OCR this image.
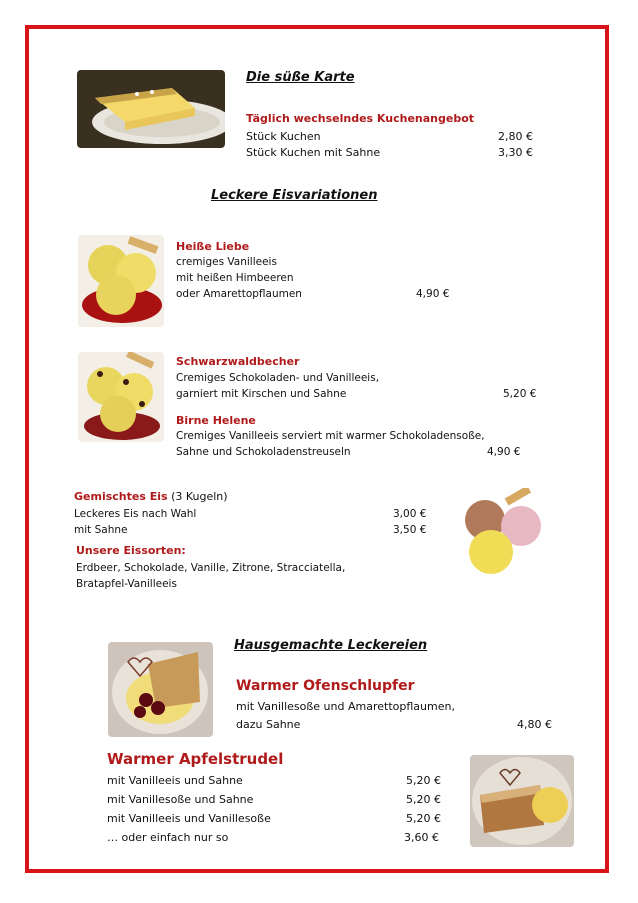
Die süße Karte
Täglich wechselndes Kuchenangebot
Stück Kuchen	2,80 €
Stück Kuchen mit Sahne	3,30 €
Leckere Eisvariationen
Heiße Liebe
cremiges Vanilleeis
mit heißen Himbeeren
oder Amarettopflaumen	4,90 €
Schwarzwaldbecher
Cremiges Schokoladen- und Vanilleeis,
garniert mit Kirschen und Sahne	5,20 €
Birne Helene
Cremiges Vanilleeis serviert mit warmer Schokoladensoße,
Sahne und Schokoladenstreuseln	4,90 €
Gemischtes Eis (3 Kugeln)
Leckeres Eis nach Wahl	3,00 €
mit Sahne	3,50 €
Unsere Eissorten:
Erdbeer, Schokolade, Vanille, Zitrone, Stracciatella,
Bratapfel-Vanilleeis
Hausgemachte Leckereien
Warmer Ofenschlupfer
mit Vanillesoße und Amarettopflaumen,
dazu Sahne	4,80 €
Warmer Apfelstrudel
mit Vanilleeis und Sahne	5,20 €
mit Vanillesoße und Sahne	5,20 €
mit Vanilleeis und Vanillesoße	5,20 €
… oder einfach nur so	3,60 €
